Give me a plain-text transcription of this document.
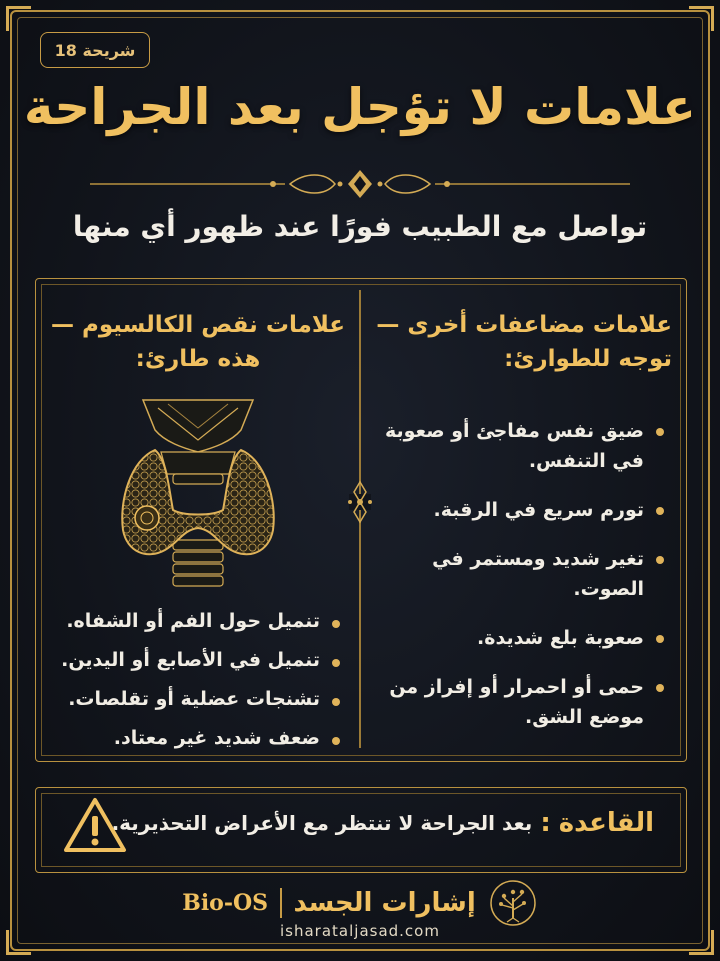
شريحة 18
علامات لا تؤجل بعد الجراحة
تواصل مع الطبيب فورًا عند ظهور أي منها
علامات مضاعفات أخرى —
توجه للطوارئ:
ضيق نفس مفاجئ أو صعوبة في التنفس.
تورم سريع في الرقبة.
تغير شديد ومستمر في الصوت.
صعوبة بلع شديدة.
حمى أو احمرار أو إفراز من موضع الشق.
علامات نقص الكالسيوم —
هذه طارئ:
تنميل حول الفم أو الشفاه.
تنميل في الأصابع أو اليدين.
تشنجات عضلية أو تقلصات.
ضعف شديد غير معتاد.
القاعدة
:
بعد الجراحة لا تنتظر مع الأعراض التحذيرية.
Bio-OS إشارات الجسد
isharataljasad.com
